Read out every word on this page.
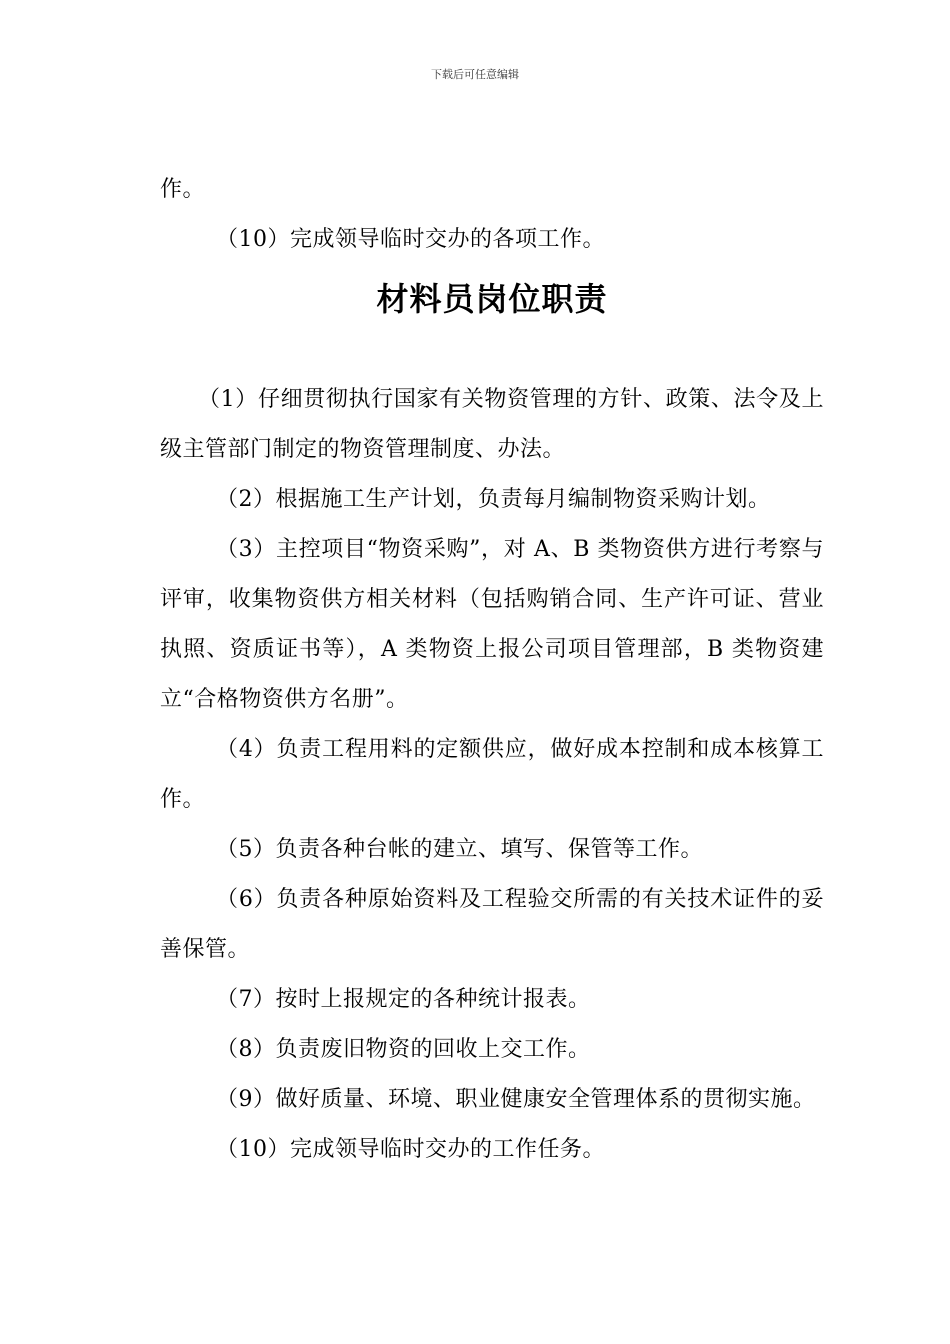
下载后可任意编辑

作。

（10）完成领导临时交办的各项工作。

材料员岗位职责

（1）仔细贯彻执行国家有关物资管理的方针、政策、法令及上级主管部门制定的物资管理制度、办法。

（2）根据施工生产计划，负责每月编制物资采购计划。

（3）主控项目“物资采购”，对 A、B 类物资供方进行考察与评审，收集物资供方相关材料（包括购销合同、生产许可证、营业执照、资质证书等），A 类物资上报公司项目管理部，B 类物资建立“合格物资供方名册”。

（4）负责工程用料的定额供应，做好成本控制和成本核算工作。

（5）负责各种台帐的建立、填写、保管等工作。

（6）负责各种原始资料及工程验交所需的有关技术证件的妥善保管。

（7）按时上报规定的各种统计报表。

（8）负责废旧物资的回收上交工作。

（9）做好质量、环境、职业健康安全管理体系的贯彻实施。

（10）完成领导临时交办的工作任务。
